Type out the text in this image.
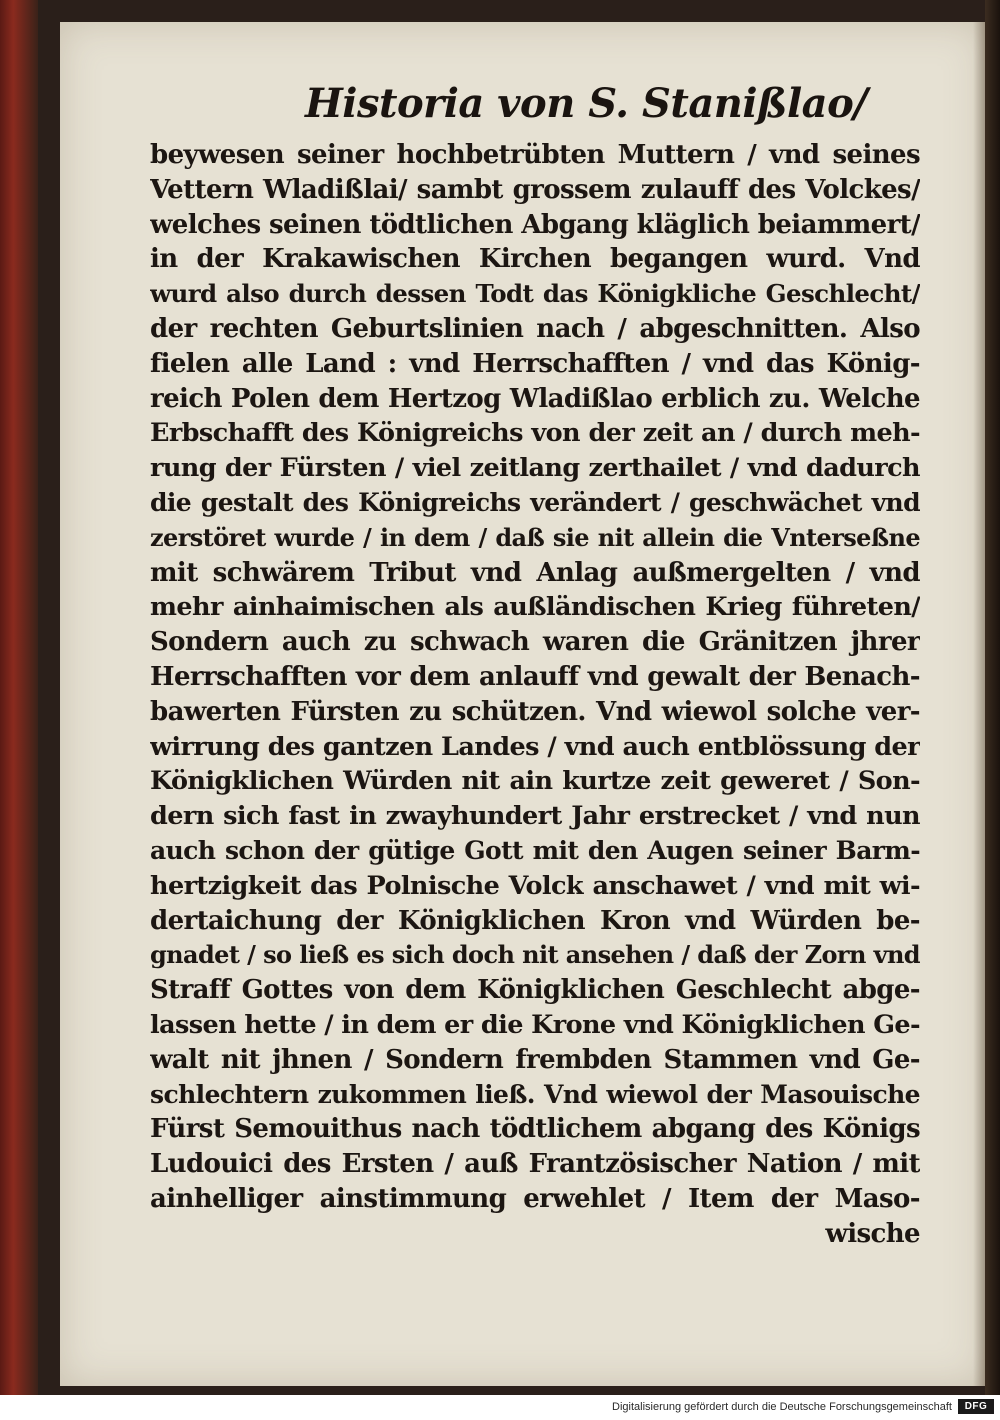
Historia von S. Stanißlao/
beywesen seiner hochbetrübten Muttern / vnd seines
Vettern Wladißlai/ sambt grossem zulauff des Volckes/
welches seinen tödtlichen Abgang kläglich beiammert/
in der Krakawischen Kirchen begangen wurd. Vnd
wurd also durch dessen Todt das Königkliche Geschlecht/
der rechten Geburtslinien nach / abgeschnitten. Also
fielen alle Land : vnd Herrschafften / vnd das König-
reich Polen dem Hertzog Wladißlao erblich zu. Welche
Erbschafft des Königreichs von der zeit an / durch meh-
rung der Fürsten / viel zeitlang zerthailet / vnd dadurch
die gestalt des Königreichs verändert / geschwächet vnd
zerstöret wurde / in dem / daß sie nit allein die Vnterseßne
mit schwärem Tribut vnd Anlag außmergelten / vnd
mehr ainhaimischen als außländischen Krieg führeten/
Sondern auch zu schwach waren die Gränitzen jhrer
Herrschafften vor dem anlauff vnd gewalt der Benach-
bawerten Fürsten zu schützen. Vnd wiewol solche ver-
wirrung des gantzen Landes / vnd auch entblössung der
Königklichen Würden nit ain kurtze zeit geweret / Son-
dern sich fast in zwayhundert Jahr erstrecket / vnd nun
auch schon der gütige Gott mit den Augen seiner Barm-
hertzigkeit das Polnische Volck anschawet / vnd mit wi-
dertaichung der Königklichen Kron vnd Würden be-
gnadet / so ließ es sich doch nit ansehen / daß der Zorn vnd
Straff Gottes von dem Königklichen Geschlecht abge-
lassen hette / in dem er die Krone vnd Königklichen Ge-
walt nit jhnen / Sondern frembden Stammen vnd Ge-
schlechtern zukommen ließ. Vnd wiewol der Masouische
Fürst Semouithus nach tödtlichem abgang des Königs
Ludouici des Ersten / auß Frantzösischer Nation / mit
ainhelliger ainstimmung erwehlet / Item der Maso-
wische
Digitalisierung gefördert durch die Deutsche Forschungsgemeinschaft	DFG
